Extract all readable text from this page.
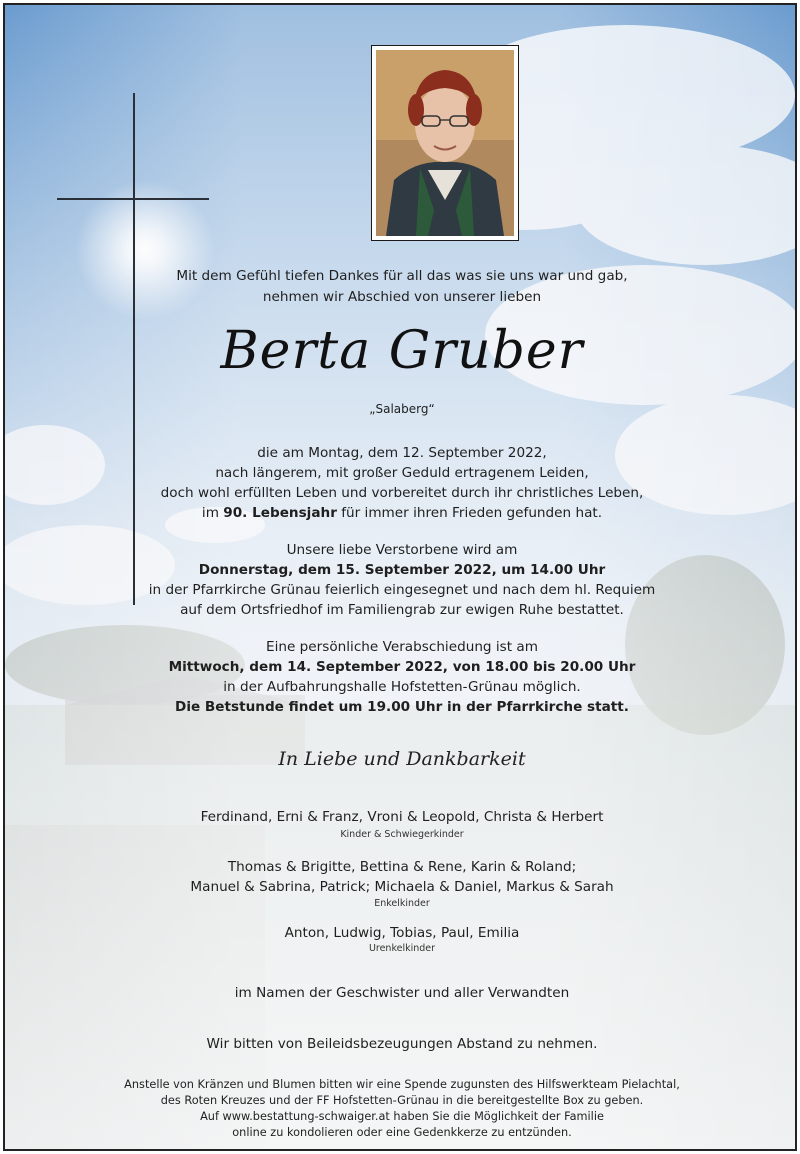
Mit dem Gefühl tiefen Dankes für all das was sie uns war und gab,
nehmen wir Abschied von unserer lieben
Berta Gruber
„Salaberg“
die am Montag, dem 12. September 2022,
nach längerem, mit großer Geduld ertragenem Leiden,
doch wohl erfüllten Leben und vorbereitet durch ihr christliches Leben,
im 90. Lebensjahr für immer ihren Frieden gefunden hat.
Unsere liebe Verstorbene wird am
Donnerstag, dem 15. September 2022, um 14.00 Uhr
in der Pfarrkirche Grünau feierlich eingesegnet und nach dem hl. Requiem
auf dem Ortsfriedhof im Familiengrab zur ewigen Ruhe bestattet.
Eine persönliche Verabschiedung ist am
Mittwoch, dem 14. September 2022, von 18.00 bis 20.00 Uhr
in der Aufbahrungshalle Hofstetten-Grünau möglich.
Die Betstunde findet um 19.00 Uhr in der Pfarrkirche statt.
In Liebe und Dankbarkeit
Ferdinand, Erni & Franz, Vroni & Leopold, Christa & Herbert
Kinder & Schwiegerkinder
Thomas & Brigitte, Bettina & Rene, Karin & Roland;
Manuel & Sabrina, Patrick; Michaela & Daniel, Markus & Sarah
Enkelkinder
Anton, Ludwig, Tobias, Paul, Emilia
Urenkelkinder
im Namen der Geschwister und aller Verwandten
Wir bitten von Beileidsbezeugungen Abstand zu nehmen.
Anstelle von Kränzen und Blumen bitten wir eine Spende zugunsten des Hilfswerkteam Pielachtal,
des Roten Kreuzes und der FF Hofstetten-Grünau in die bereitgestellte Box zu geben.
Auf www.bestattung-schwaiger.at haben Sie die Möglichkeit der Familie
online zu kondolieren oder eine Gedenkkerze zu entzünden.
